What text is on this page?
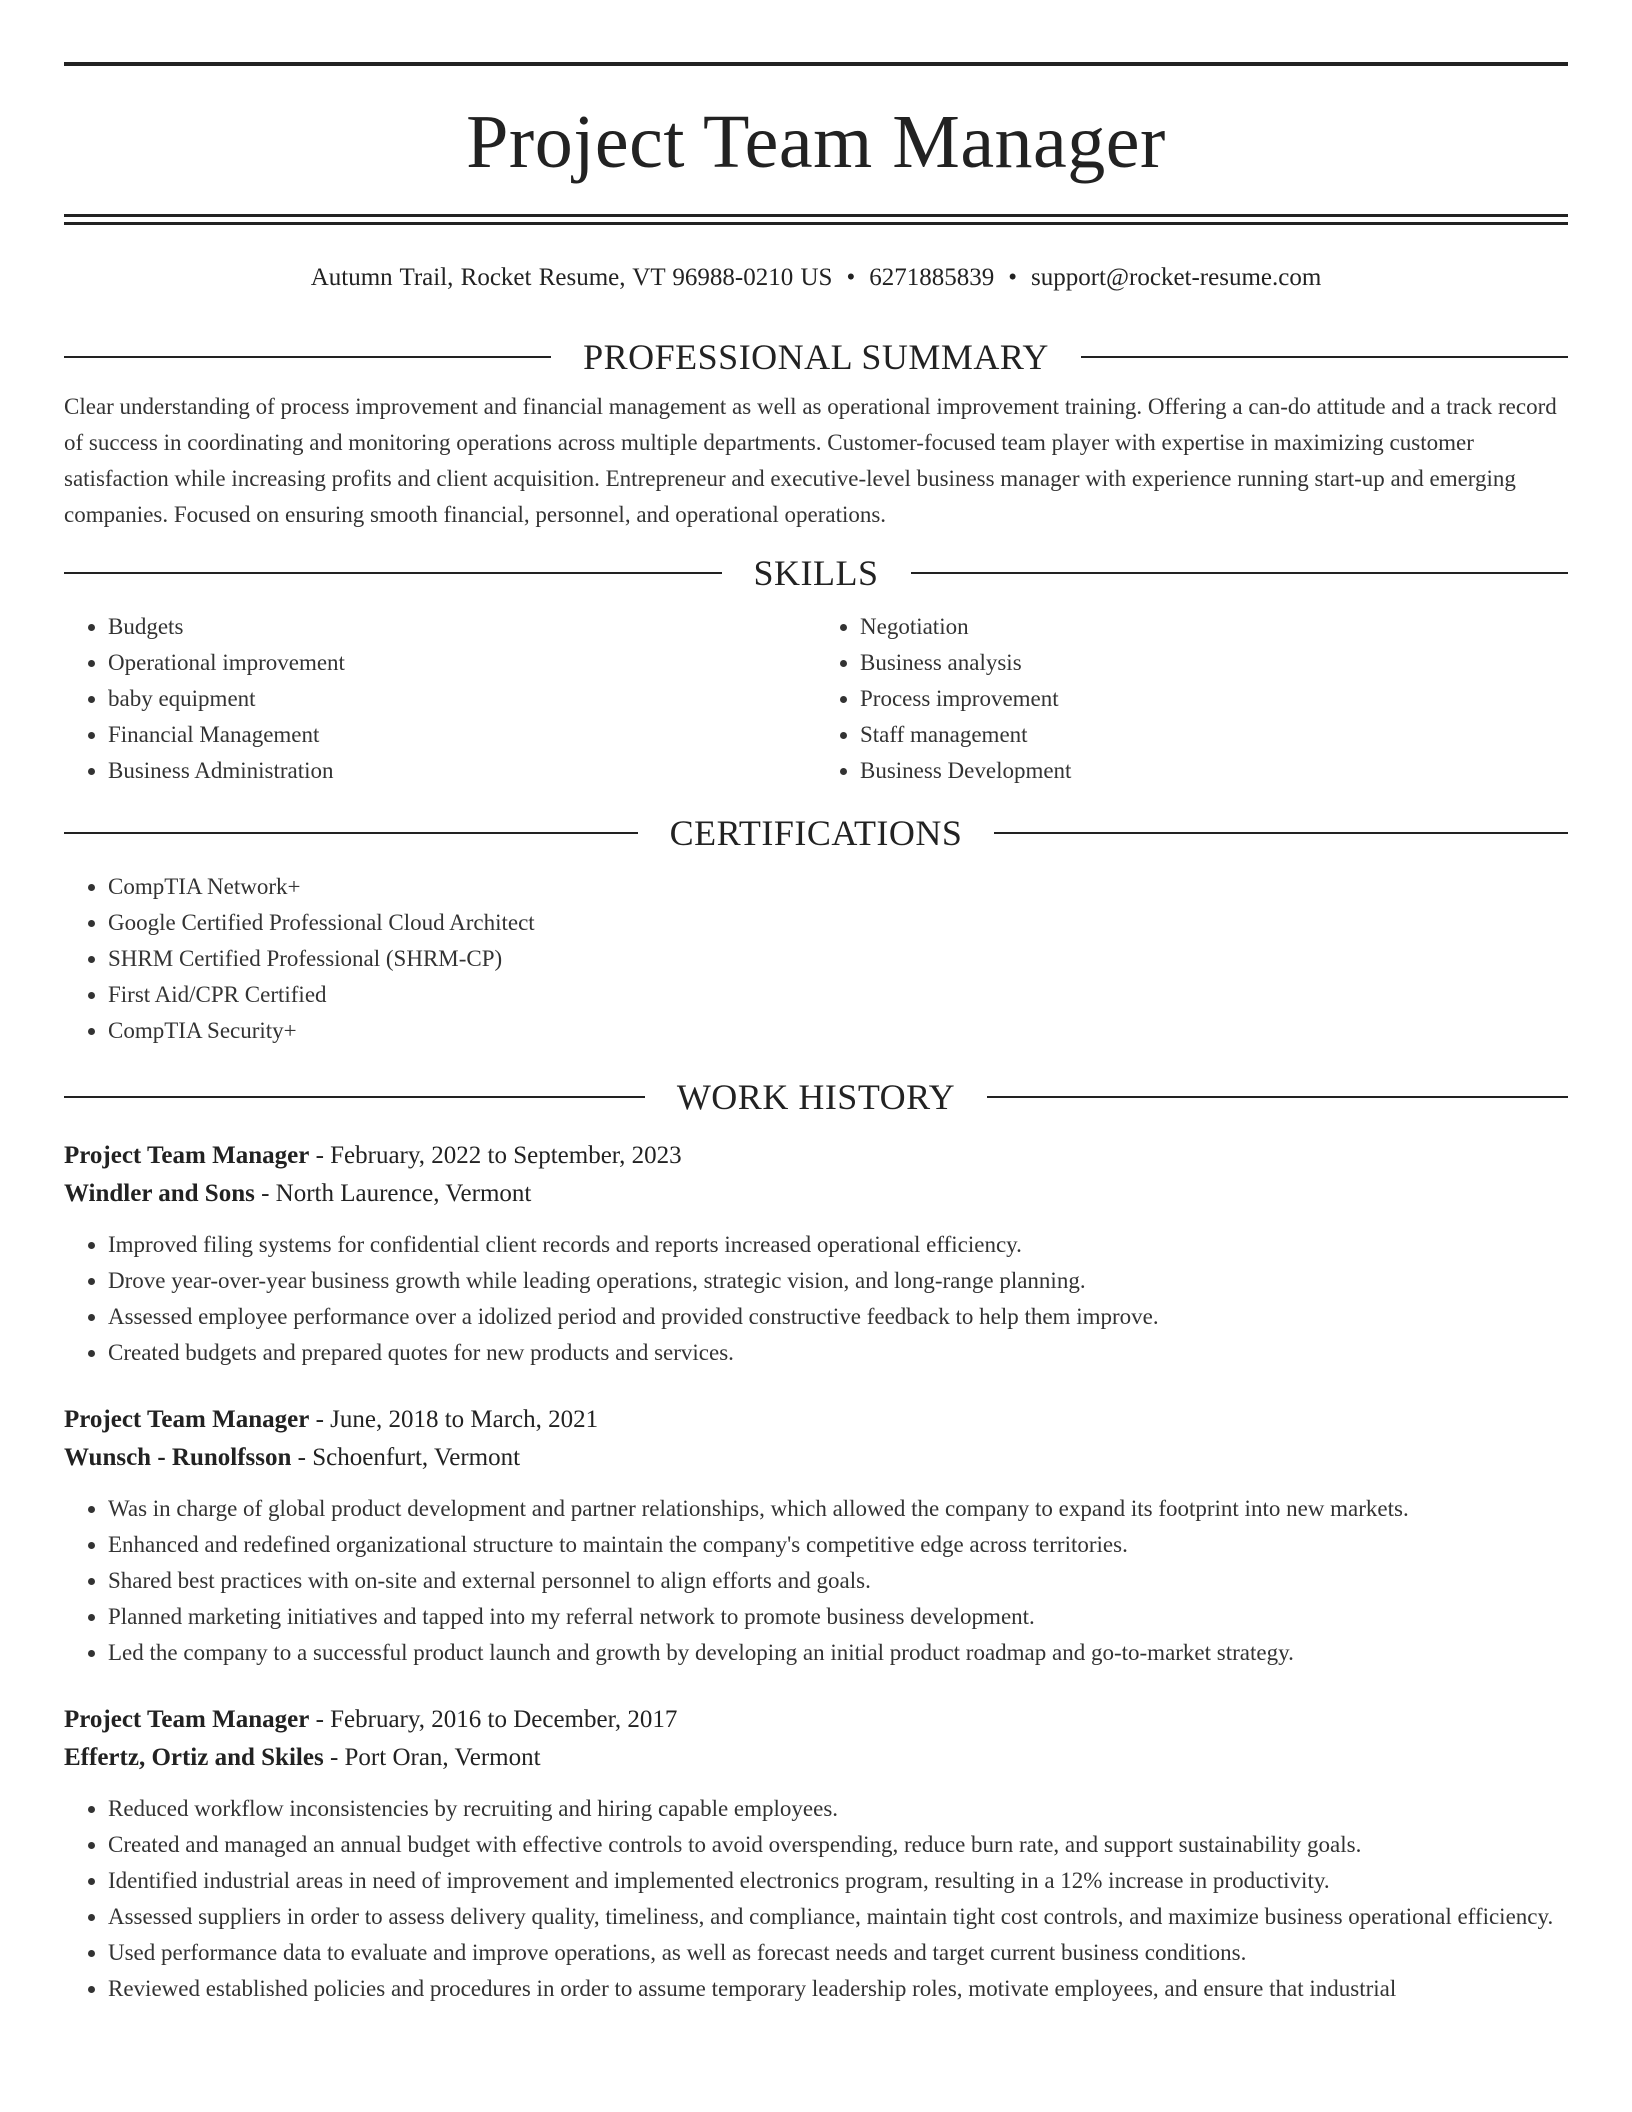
Project Team Manager
Autumn Trail, Rocket Resume, VT 96988-0210 US • 6271885839 • support@rocket-resume.com
PROFESSIONAL SUMMARY

Clear understanding of process improvement and financial management as well as operational improvement training. Offering a can-do attitude and a track record of success in coordinating and monitoring operations across multiple departments. Customer-focused team player with expertise in maximizing customer satisfaction while increasing profits and client acquisition. Entrepreneur and executive-level business manager with experience running start-up and emerging companies. Focused on ensuring smooth financial, personnel, and operational operations.

SKILLS
• Budgets
• Operational improvement
• baby equipment
• Financial Management
• Business Administration
• Negotiation
• Business analysis
• Process improvement
• Staff management
• Business Development
CERTIFICATIONS
• CompTIA Network+
• Google Certified Professional Cloud Architect
• SHRM Certified Professional (SHRM-CP)
• First Aid/CPR Certified
• CompTIA Security+
WORK HISTORY
Project Team Manager - February, 2022 to September, 2023
Windler and Sons - North Laurence, Vermont
• Improved filing systems for confidential client records and reports increased operational efficiency.
• Drove year-over-year business growth while leading operations, strategic vision, and long-range planning.
• Assessed employee performance over a idolized period and provided constructive feedback to help them improve.
• Created budgets and prepared quotes for new products and services.
Project Team Manager - June, 2018 to March, 2021
Wunsch - Runolfsson - Schoenfurt, Vermont
• Was in charge of global product development and partner relationships, which allowed the company to expand its footprint into new markets.
• Enhanced and redefined organizational structure to maintain the company's competitive edge across territories.
• Shared best practices with on-site and external personnel to align efforts and goals.
• Planned marketing initiatives and tapped into my referral network to promote business development.
• Led the company to a successful product launch and growth by developing an initial product roadmap and go-to-market strategy.
Project Team Manager - February, 2016 to December, 2017
Effertz, Ortiz and Skiles - Port Oran, Vermont
• Reduced workflow inconsistencies by recruiting and hiring capable employees.
• Created and managed an annual budget with effective controls to avoid overspending, reduce burn rate, and support sustainability goals.
• Identified industrial areas in need of improvement and implemented electronics program, resulting in a 12% increase in productivity.
• Assessed suppliers in order to assess delivery quality, timeliness, and compliance, maintain tight cost controls, and maximize business operational efficiency.
• Used performance data to evaluate and improve operations, as well as forecast needs and target current business conditions.
• Reviewed established policies and procedures in order to assume temporary leadership roles, motivate employees, and ensure that industrial
